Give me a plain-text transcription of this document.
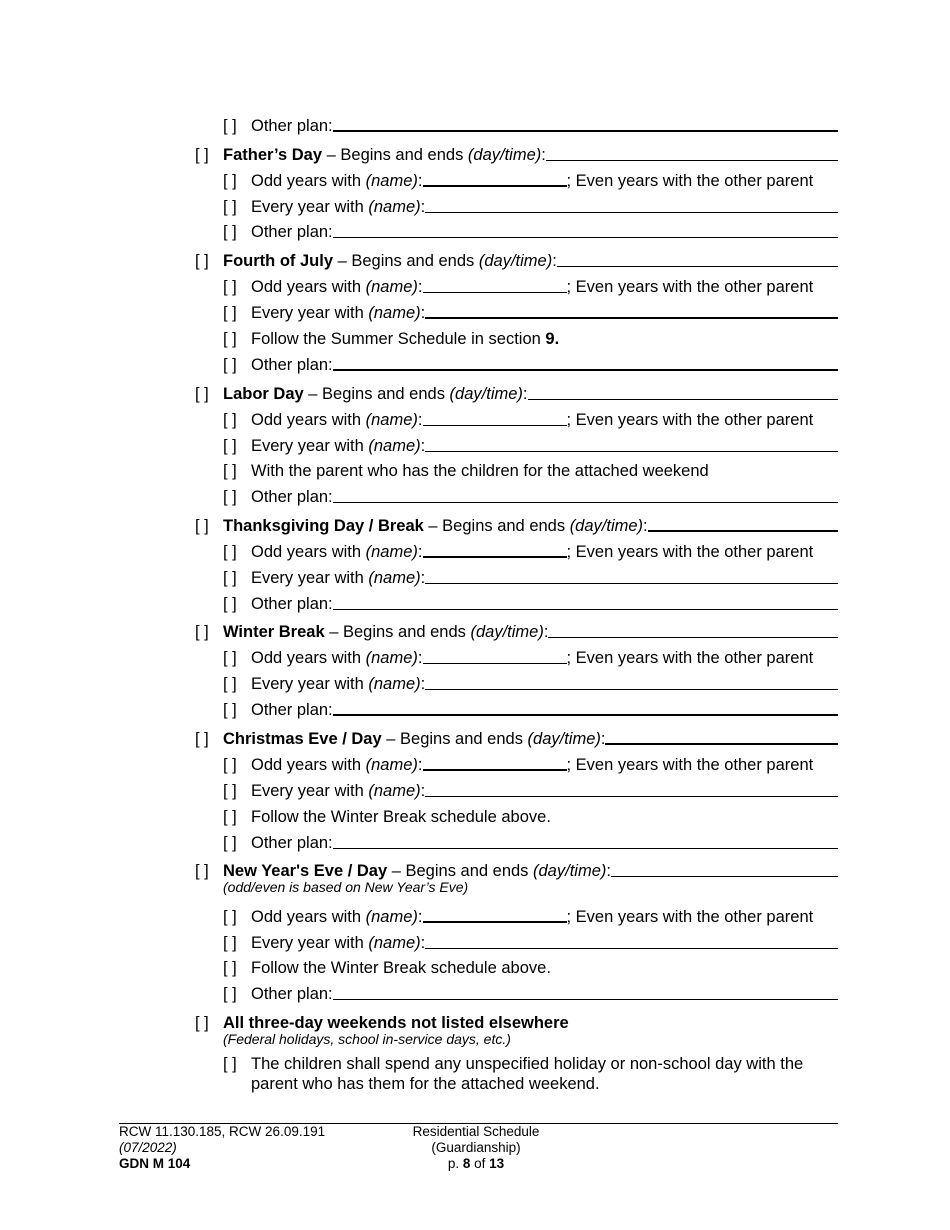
[ ] Other plan:
[ ] Father’s Day – Begins and ends (day/time) :
[ ] Odd years with (name) :	; Even years with the other parent
[ ] Every year with (name) :
[ ] Other plan:
[ ] Fourth of July – Begins and ends (day/time) :
[ ] Odd years with (name) :	; Even years with the other parent
[ ] Every year with (name) :
[ ] Follow the Summer Schedule in section 9.
[ ] Other plan:
[ ] Labor Day – Begins and ends (day/time) :
[ ] Odd years with (name) :	; Even years with the other parent
[ ] Every year with (name) :
[ ] With the parent who has the children for the attached weekend
[ ] Other plan:
[ ] Thanksgiving Day / Break – Begins and ends (day/time) :
[ ] Odd years with (name) :	; Even years with the other parent
[ ] Every year with (name) :
[ ] Other plan:
[ ] Winter Break – Begins and ends (day/time) :
[ ] Odd years with (name) :	; Even years with the other parent
[ ] Every year with (name) :
[ ] Other plan:
[ ] Christmas Eve / Day – Begins and ends (day/time) :
[ ] Odd years with (name) :	; Even years with the other parent
[ ] Every year with (name) :
[ ] Follow the Winter Break schedule above.
[ ] Other plan:
[ ] New Year's Eve / Day – Begins and ends (day/time) :
(odd/even is based on New Year’s Eve)
[ ] Odd years with (name) :	; Even years with the other parent
[ ] Every year with (name) :
[ ] Follow the Winter Break schedule above.
[ ] Other plan:
[ ] All three-day weekends not listed elsewhere
(Federal holidays, school in-service days, etc.)
[ ] The children shall spend any unspecified holiday or non-school day with the parent who has them for the attached weekend.
RCW 11.130.185, RCW 26.09.191
(07/2022)
GDN M 104
Residential Schedule
(Guardianship)
p. 8 of 13
